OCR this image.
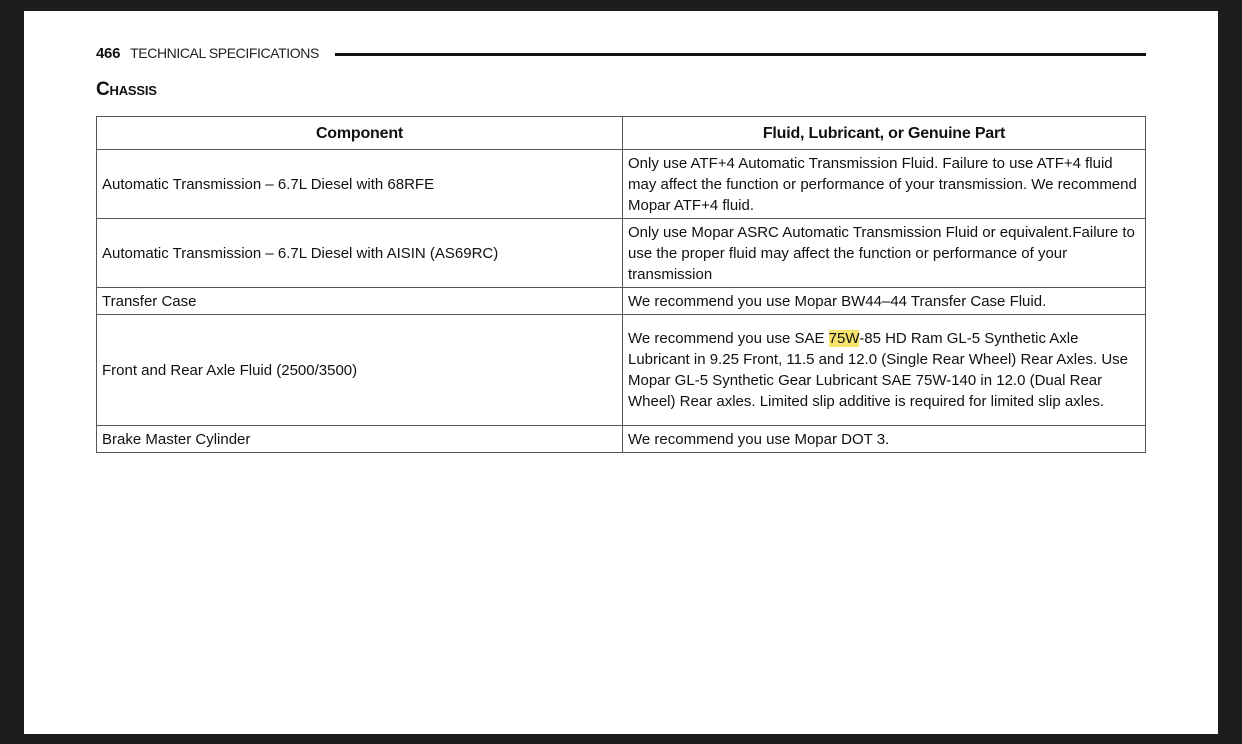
466 TECHNICAL SPECIFICATIONS
Chassis
Component	Fluid, Lubricant, or Genuine Part
Automatic Transmission – 6.7L Diesel with 68RFE	Only use ATF+4 Automatic Transmission Fluid. Failure to use ATF+4 fluid may affect the function or performance of your transmission. We recommend Mopar ATF+4 fluid.
Automatic Transmission – 6.7L Diesel with AISIN (AS69RC)	Only use Mopar ASRC Automatic Transmission Fluid or equivalent.Failure to use the proper fluid may affect the function or performance of your transmission
Transfer Case	We recommend you use Mopar BW44–44 Transfer Case Fluid.
Front and Rear Axle Fluid (2500/3500)	We recommend you use SAE 75W-85 HD Ram GL-5 Synthetic Axle Lubricant in 9.25 Front, 11.5 and 12.0 (Single Rear Wheel) Rear Axles. Use Mopar GL-5 Synthetic Gear Lubricant SAE 75W-140 in 12.0 (Dual Rear Wheel) Rear axles. Limited slip additive is required for limited slip axles.
Brake Master Cylinder	We recommend you use Mopar DOT 3.
